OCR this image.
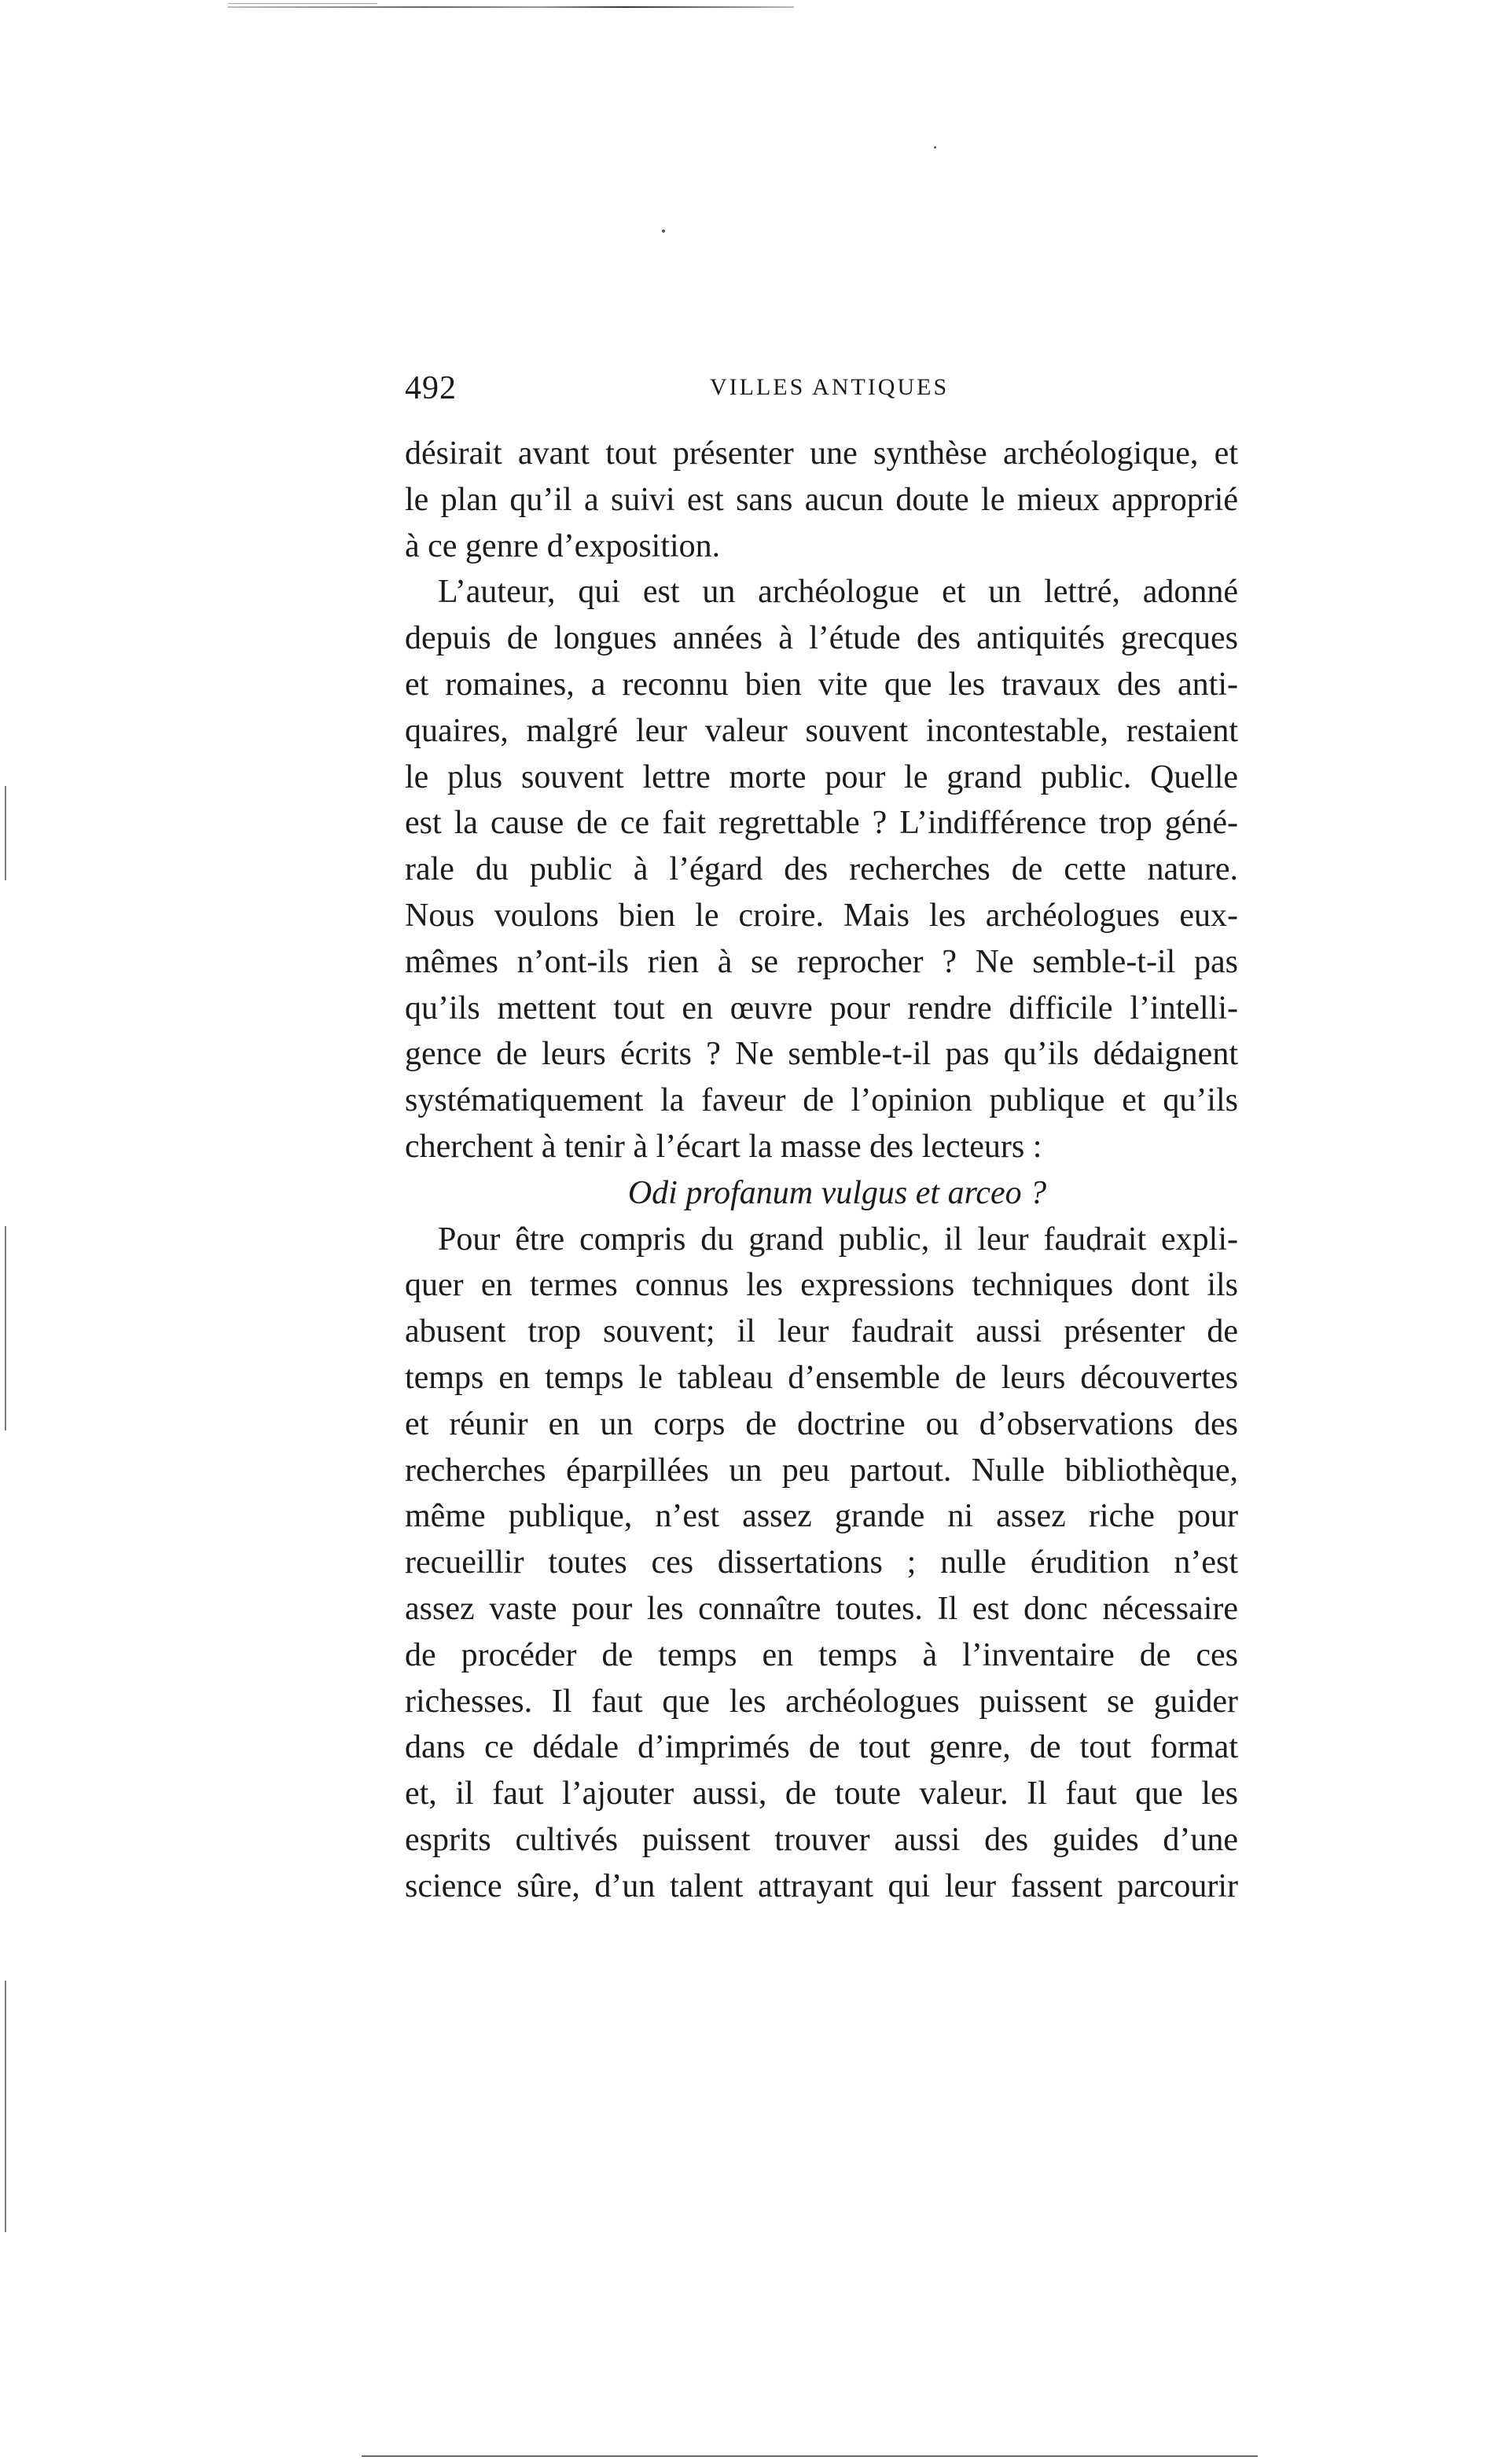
492	VILLES ANTIQUES
désirait avant tout présenter une synthèse archéologique, et
le plan qu’il a suivi est sans aucun doute le mieux approprié
à ce genre d’exposition.
L’auteur, qui est un archéologue et un lettré, adonné
depuis de longues années à l’étude des antiquités grecques
et romaines, a reconnu bien vite que les travaux des anti-
quaires, malgré leur valeur souvent incontestable, restaient
le plus souvent lettre morte pour le grand public. Quelle
est la cause de ce fait regrettable ? L’indifférence trop géné-
rale du public à l’égard des recherches de cette nature.
Nous voulons bien le croire. Mais les archéologues eux-
mêmes n’ont-ils rien à se reprocher ? Ne semble-t-il pas
qu’ils mettent tout en œuvre pour rendre difficile l’intelli-
gence de leurs écrits ? Ne semble-t-il pas qu’ils dédaignent
systématiquement la faveur de l’opinion publique et qu’ils
cherchent à tenir à l’écart la masse des lecteurs :
Odi profanum vulgus et arceo ?
Pour être compris du grand public, il leur faudrait expli-
quer en termes connus les expressions techniques dont ils
abusent trop souvent; il leur faudrait aussi présenter de
temps en temps le tableau d’ensemble de leurs découvertes
et réunir en un corps de doctrine ou d’observations des
recherches éparpillées un peu partout. Nulle bibliothèque,
même publique, n’est assez grande ni assez riche pour
recueillir toutes ces dissertations ; nulle érudition n’est
assez vaste pour les connaître toutes. Il est donc nécessaire
de procéder de temps en temps à l’inventaire de ces
richesses. Il faut que les archéologues puissent se guider
dans ce dédale d’imprimés de tout genre, de tout format
et, il faut l’ajouter aussi, de toute valeur. Il faut que les
esprits cultivés puissent trouver aussi des guides d’une
science sûre, d’un talent attrayant qui leur fassent parcourir
